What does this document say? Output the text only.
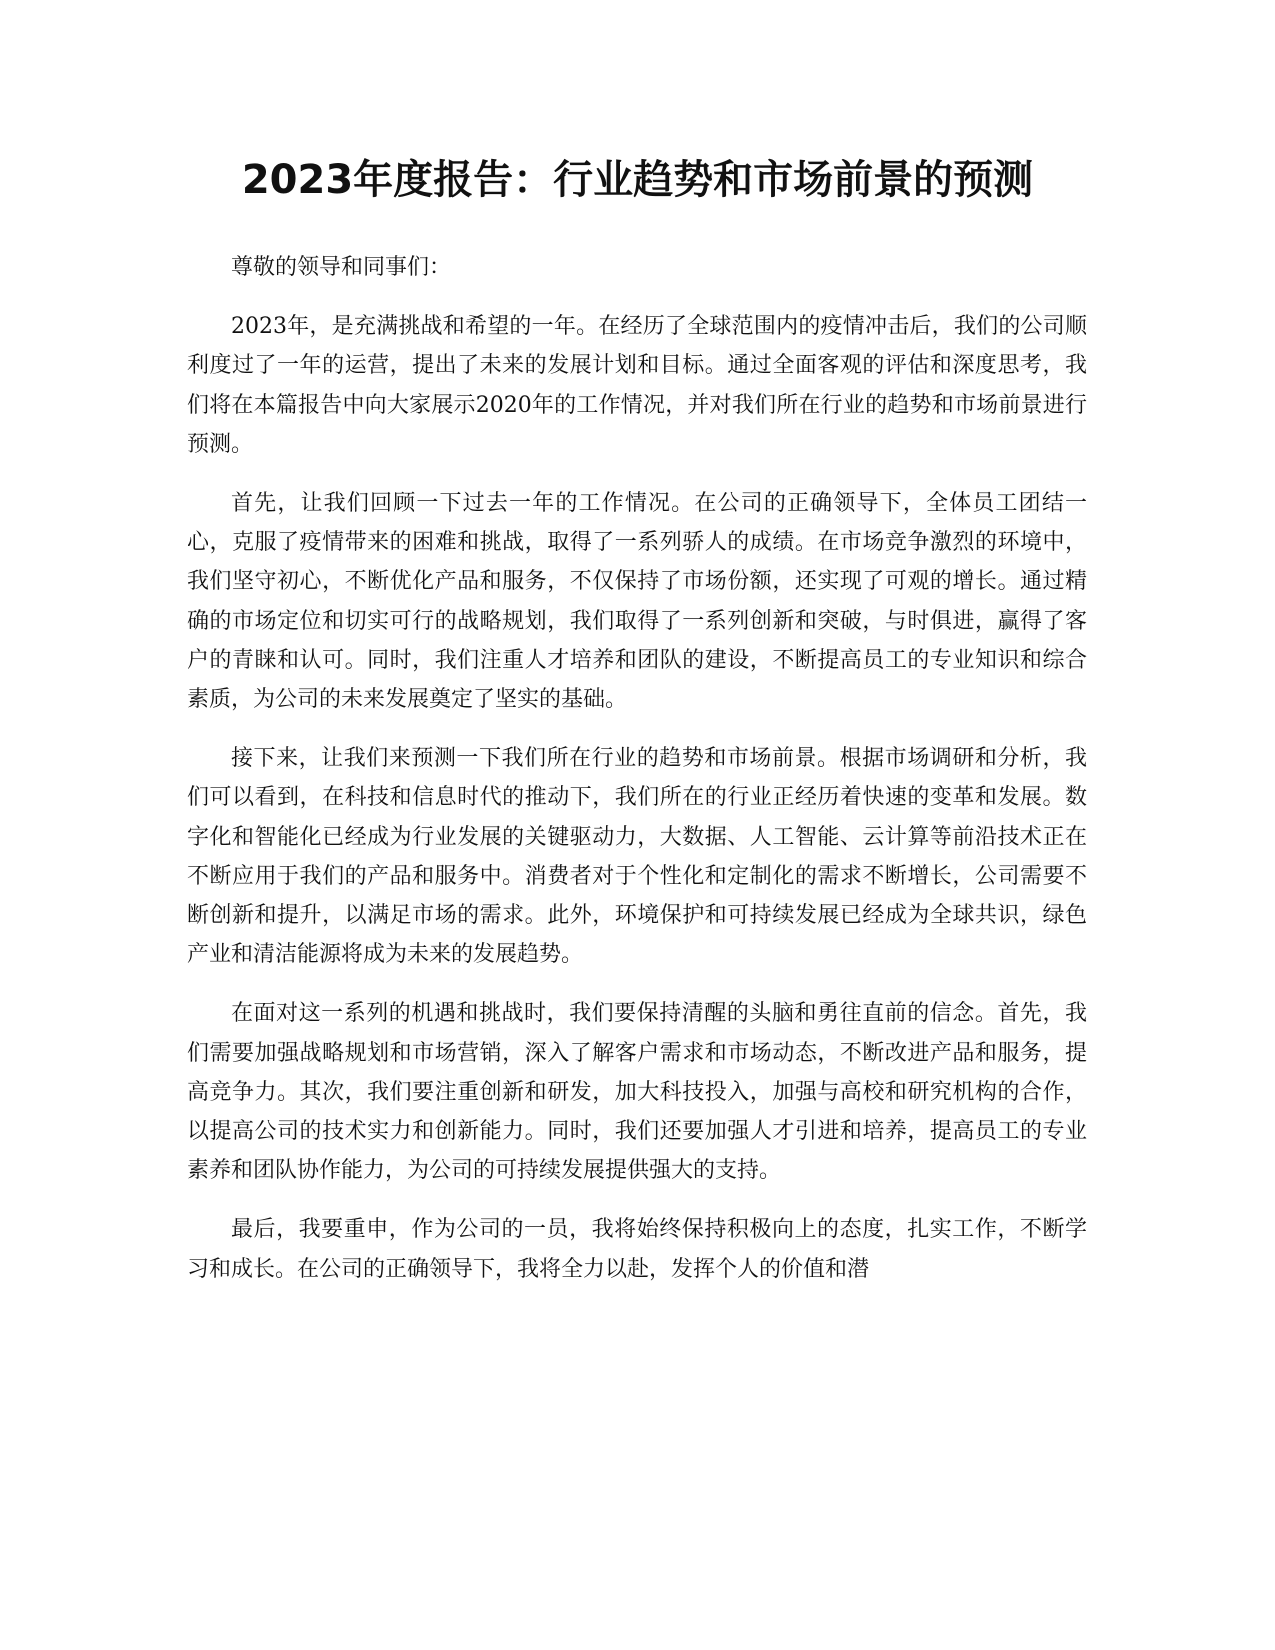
2023年度报告：行业趋势和市场前景的预测

尊敬的领导和同事们：

2023年，是充满挑战和希望的一年。在经历了全球范围内的疫情冲击后，我们的公司顺利度过了一年的运营，提出了未来的发展计划和目标。通过全面客观的评估和深度思考，我们将在本篇报告中向大家展示2020年的工作情况，并对我们所在行业的趋势和市场前景进行预测。

首先，让我们回顾一下过去一年的工作情况。在公司的正确领导下，全体员工团结一心，克服了疫情带来的困难和挑战，取得了一系列骄人的成绩。在市场竞争激烈的环境中，我们坚守初心，不断优化产品和服务，不仅保持了市场份额，还实现了可观的增长。通过精确的市场定位和切实可行的战略规划，我们取得了一系列创新和突破，与时俱进，赢得了客户的青睐和认可。同时，我们注重人才培养和团队的建设，不断提高员工的专业知识和综合素质，为公司的未来发展奠定了坚实的基础。

接下来，让我们来预测一下我们所在行业的趋势和市场前景。根据市场调研和分析，我们可以看到，在科技和信息时代的推动下，我们所在的行业正经历着快速的变革和发展。数字化和智能化已经成为行业发展的关键驱动力，大数据、人工智能、云计算等前沿技术正在不断应用于我们的产品和服务中。消费者对于个性化和定制化的需求不断增长，公司需要不断创新和提升，以满足市场的需求。此外，环境保护和可持续发展已经成为全球共识，绿色产业和清洁能源将成为未来的发展趋势。

在面对这一系列的机遇和挑战时，我们要保持清醒的头脑和勇往直前的信念。首先，我们需要加强战略规划和市场营销，深入了解客户需求和市场动态，不断改进产品和服务，提高竞争力。其次，我们要注重创新和研发，加大科技投入，加强与高校和研究机构的合作，以提高公司的技术实力和创新能力。同时，我们还要加强人才引进和培养，提高员工的专业素养和团队协作能力，为公司的可持续发展提供强大的支持。

最后，我要重申，作为公司的一员，我将始终保持积极向上的态度，扎实工作，不断学习和成长。在公司的正确领导下，我将全力以赴，发挥个人的价值和潜
